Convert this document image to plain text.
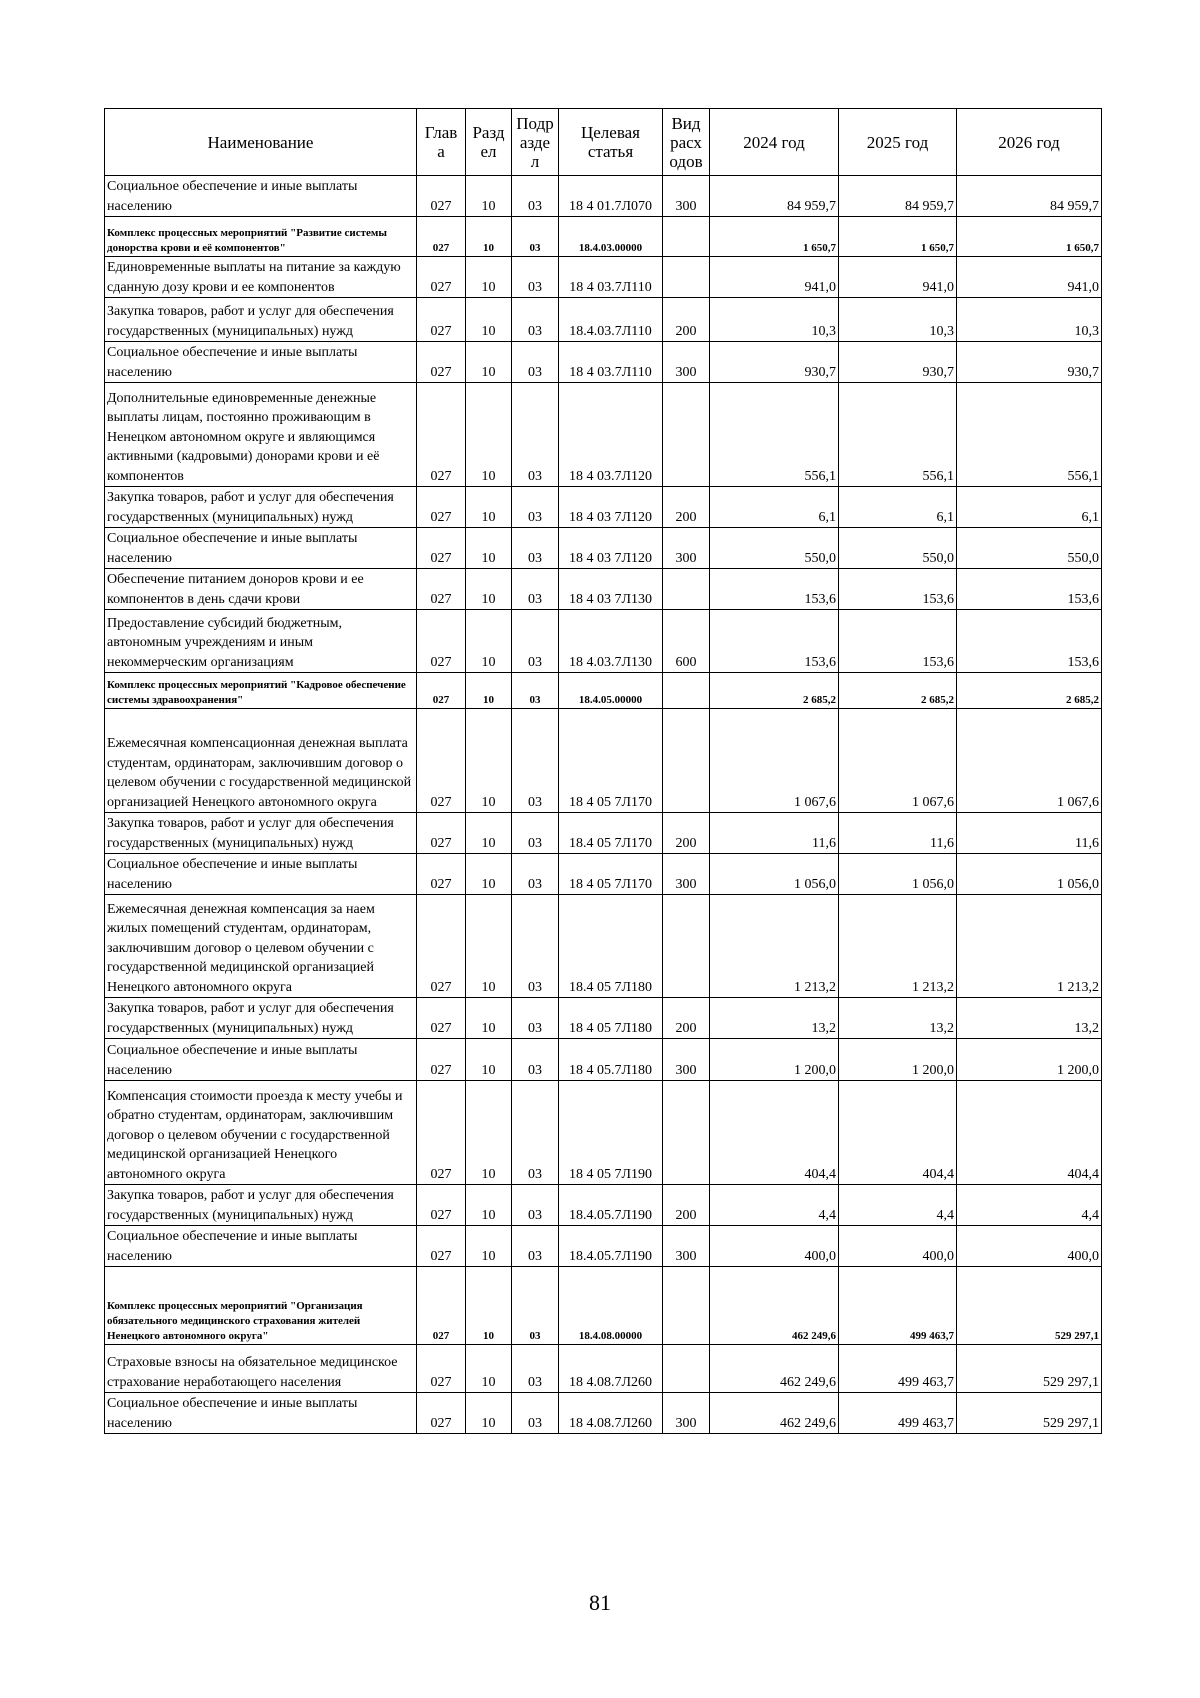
Наименование	Глав а	Разд ел	Подр азде л	Целевая статья	Вид расх одов	2024 год	2025 год	2026 год
Социальное обеспечение и иные выплаты населению	027	10	03	18 4 01.7Л070	300	84 959,7	84 959,7	84 959,7
Комплекс процессных мероприятий "Развитие системы донорства крови и её компонентов"	027	10	03	18.4.03.00000		1 650,7	1 650,7	1 650,7
Единовременные выплаты на питание за каждую сданную дозу крови и ее компонентов	027	10	03	18 4 03.7Л110		941,0	941,0	941,0
Закупка товаров, работ и услуг для обеспечения государственных (муниципальных) нужд	027	10	03	18.4.03.7Л110	200	10,3	10,3	10,3
Социальное обеспечение и иные выплаты населению	027	10	03	18 4 03.7Л110	300	930,7	930,7	930,7
Дополнительные единовременные денежные выплаты лицам, постоянно проживающим в Ненецком автономном округе и являющимся активными (кадровыми) донорами крови и её компонентов	027	10	03	18 4 03.7Л120		556,1	556,1	556,1
Закупка товаров, работ и услуг для обеспечения государственных (муниципальных) нужд	027	10	03	18 4 03 7Л120	200	6,1	6,1	6,1
Социальное обеспечение и иные выплаты населению	027	10	03	18 4 03 7Л120	300	550,0	550,0	550,0
Обеспечение питанием доноров крови и ее компонентов в день сдачи крови	027	10	03	18 4 03 7Л130		153,6	153,6	153,6
Предоставление субсидий бюджетным, автономным учреждениям и иным некоммерческим организациям	027	10	03	18 4.03.7Л130	600	153,6	153,6	153,6
Комплекс процессных мероприятий "Кадровое обеспечение системы здравоохранения"	027	10	03	18.4.05.00000		2 685,2	2 685,2	2 685,2
Ежемесячная компенсационная денежная выплата студентам, ординаторам, заключившим договор о целевом обучении с государственной медицинской организацией Ненецкого автономного округа	027	10	03	18 4 05 7Л170		1 067,6	1 067,6	1 067,6
Закупка товаров, работ и услуг для обеспечения государственных (муниципальных) нужд	027	10	03	18.4 05 7Л170	200	11,6	11,6	11,6
Социальное обеспечение и иные выплаты населению	027	10	03	18 4 05 7Л170	300	1 056,0	1 056,0	1 056,0
Ежемесячная денежная компенсация за наем жилых помещений студентам, ординаторам, заключившим договор о целевом обучении с государственной медицинской организацией Ненецкого автономного округа	027	10	03	18.4 05 7Л180		1 213,2	1 213,2	1 213,2
Закупка товаров, работ и услуг для обеспечения государственных (муниципальных) нужд	027	10	03	18 4 05 7Л180	200	13,2	13,2	13,2
Социальное обеспечение и иные выплаты населению	027	10	03	18 4 05.7Л180	300	1 200,0	1 200,0	1 200,0
Компенсация стоимости проезда к месту учебы и обратно студентам, ординаторам, заключившим договор о целевом обучении с государственной медицинской организацией Ненецкого автономного округа	027	10	03	18 4 05 7Л190		404,4	404,4	404,4
Закупка товаров, работ и услуг для обеспечения государственных (муниципальных) нужд	027	10	03	18.4.05.7Л190	200	4,4	4,4	4,4
Социальное обеспечение и иные выплаты населению	027	10	03	18.4.05.7Л190	300	400,0	400,0	400,0
Комплекс процессных мероприятий "Организация обязательного медицинского страхования жителей Ненецкого автономного округа"	027	10	03	18.4.08.00000		462 249,6	499 463,7	529 297,1
Страховые взносы на обязательное медицинское страхование неработающего населения	027	10	03	18 4.08.7Л260		462 249,6	499 463,7	529 297,1
Социальное обеспечение и иные выплаты населению	027	10	03	18 4.08.7Л260	300	462 249,6	499 463,7	529 297,1
81
